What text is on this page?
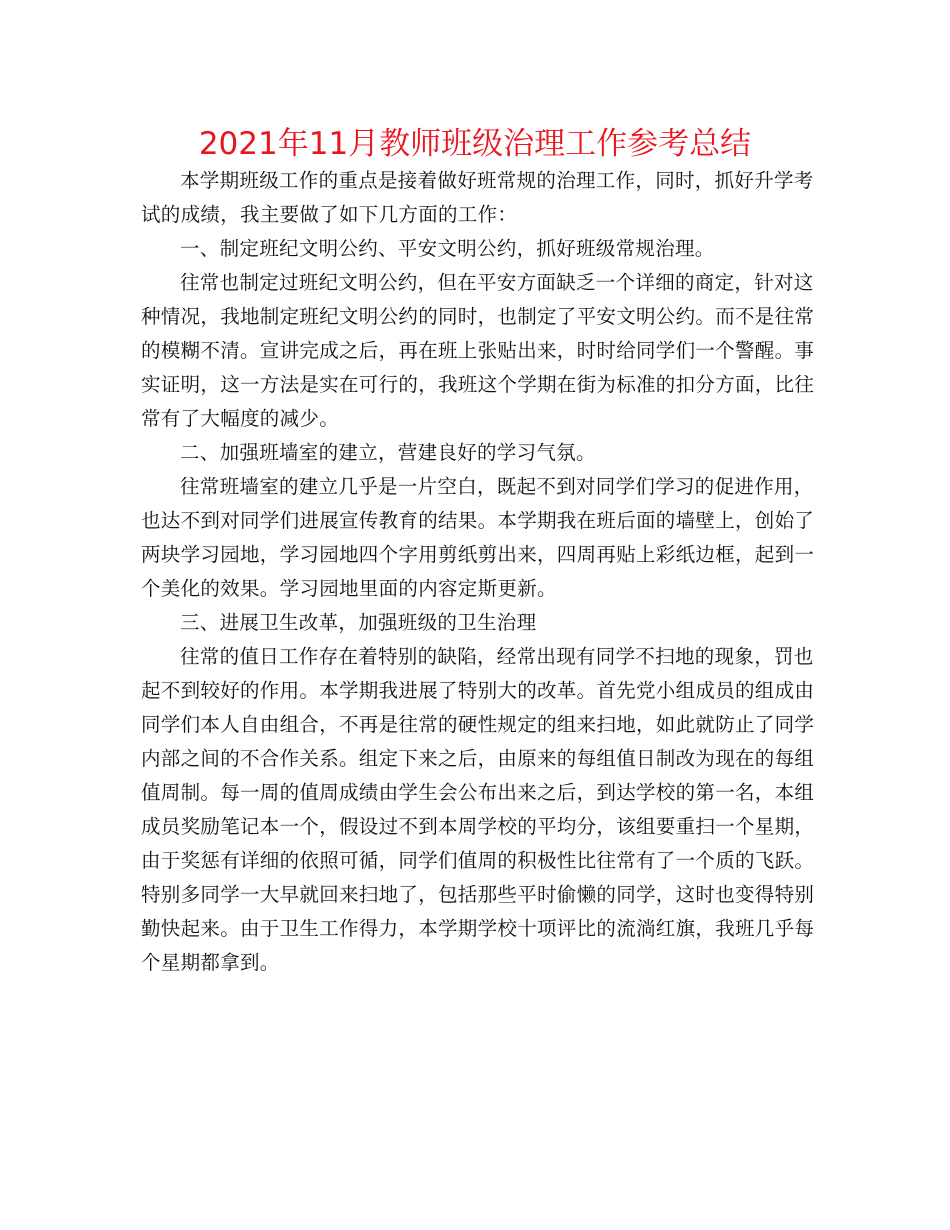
2021年11月教师班级治理工作参考总结

本学期班级工作的重点是接着做好班常规的治理工作，同时，抓好升学考试的成绩，我主要做了如下几方面的工作：

一、制定班纪文明公约、平安文明公约，抓好班级常规治理。

往常也制定过班纪文明公约，但在平安方面缺乏一个详细的商定，针对这种情况，我地制定班纪文明公约的同时，也制定了平安文明公约。而不是往常的模糊不清。宣讲完成之后，再在班上张贴出来，时时给同学们一个警醒。事实证明，这一方法是实在可行的，我班这个学期在街为标准的扣分方面，比往常有了大幅度的减少。

二、加强班墙室的建立，营建良好的学习气氛。

往常班墙室的建立几乎是一片空白，既起不到对同学们学习的促进作用，也达不到对同学们进展宣传教育的结果。本学期我在班后面的墙壁上，创始了两块学习园地，学习园地四个字用剪纸剪出来，四周再贴上彩纸边框，起到一个美化的效果。学习园地里面的内容定斯更新。

三、进展卫生改革，加强班级的卫生治理

往常的值日工作存在着特别的缺陷，经常出现有同学不扫地的现象，罚也起不到较好的作用。本学期我进展了特别大的改革。首先党小组成员的组成由同学们本人自由组合，不再是往常的硬性规定的组来扫地，如此就防止了同学内部之间的不合作关系。组定下来之后，由原来的每组值日制改为现在的每组值周制。每一周的值周成绩由学生会公布出来之后，到达学校的第一名，本组成员奖励笔记本一个，假设过不到本周学校的平均分，该组要重扫一个星期，由于奖惩有详细的依照可循，同学们值周的积极性比往常有了一个质的飞跃。特别多同学一大早就回来扫地了，包括那些平时偷懒的同学，这时也变得特别勤快起来。由于卫生工作得力，本学期学校十项评比的流淌红旗，我班几乎每个星期都拿到。
